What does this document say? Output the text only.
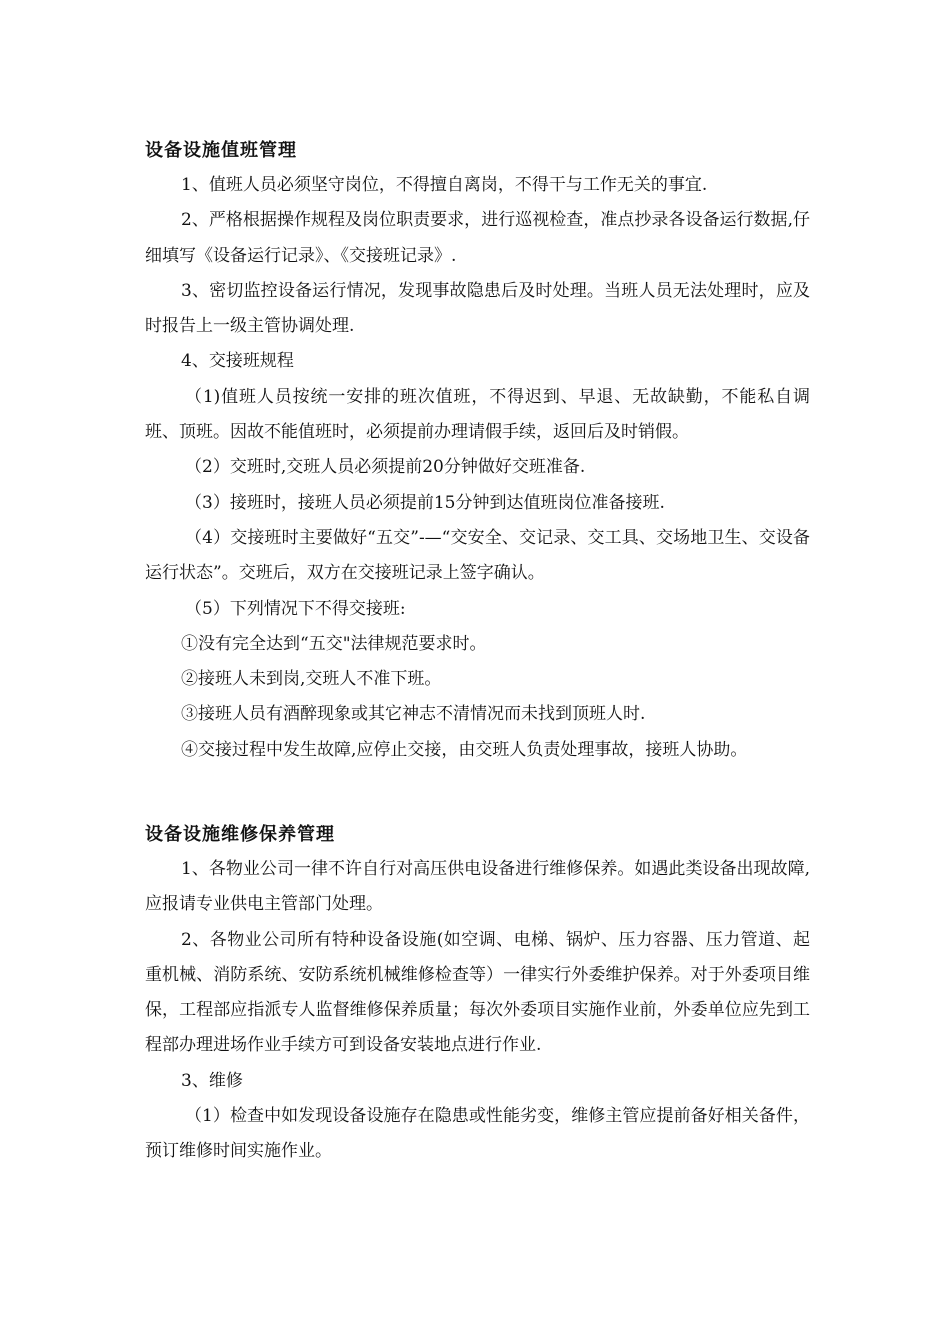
设备设施值班管理

1、值班人员必须坚守岗位，不得擅自离岗，不得干与工作无关的事宜.

2、严格根据操作规程及岗位职责要求，进行巡视检查，准点抄录各设备运行数据,仔细填写《设备运行记录》、《交接班记录》.

3、密切监控设备运行情况，发现事故隐患后及时处理。当班人员无法处理时，应及时报告上一级主管协调处理.

4、交接班规程

（1)值班人员按统一安排的班次值班，不得迟到、早退、无故缺勤，不能私自调班、顶班。因故不能值班时，必须提前办理请假手续，返回后及时销假。

（2）交班时,交班人员必须提前20分钟做好交班准备.

（3）接班时，接班人员必须提前15分钟到达值班岗位准备接班.

（4）交接班时主要做好“五交”-—“交安全、交记录、交工具、交场地卫生、交设备运行状态”。交班后，双方在交接班记录上签字确认。

（5）下列情况下不得交接班:

①没有完全达到“五交"法律规范要求时。

②接班人未到岗,交班人不准下班。

③接班人员有酒醉现象或其它神志不清情况而未找到顶班人时.

④交接过程中发生故障,应停止交接，由交班人负责处理事故，接班人协助。

设备设施维修保养管理

1、各物业公司一律不许自行对高压供电设备进行维修保养。如遇此类设备出现故障,应报请专业供电主管部门处理。

2、各物业公司所有特种设备设施(如空调、电梯、锅炉、压力容器、压力管道、起重机械、消防系统、安防系统机械维修检查等）一律实行外委维护保养。对于外委项目维保，工程部应指派专人监督维修保养质量；每次外委项目实施作业前，外委单位应先到工程部办理进场作业手续方可到设备安装地点进行作业.

3、维修

（1）检查中如发现设备设施存在隐患或性能劣变，维修主管应提前备好相关备件，预订维修时间实施作业。
